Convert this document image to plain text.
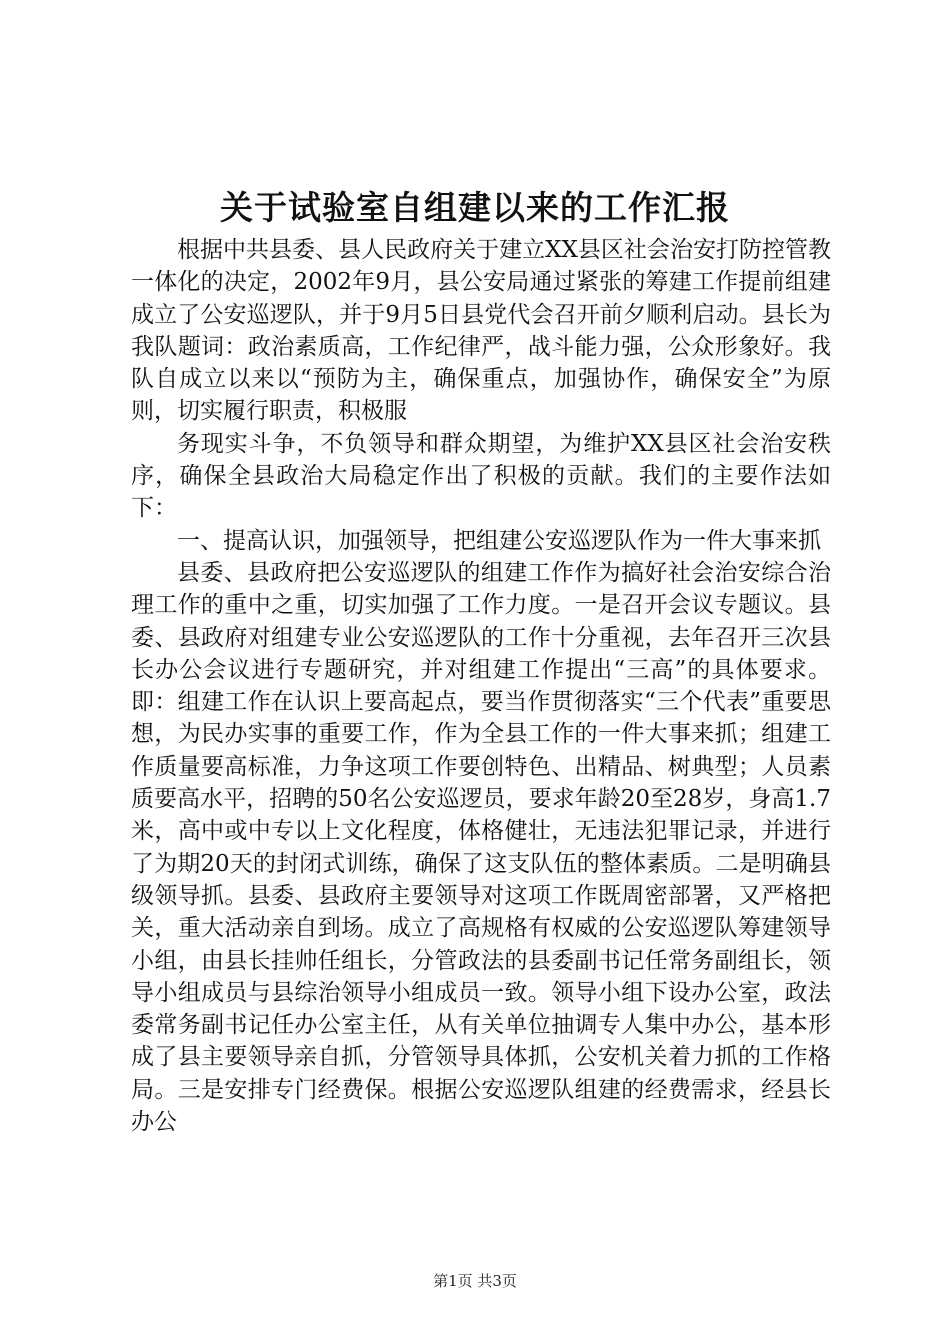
关于试验室自组建以来的工作汇报

根据中共县委、县人民政府关于建立XX县区社会治安打防控管教一体化的决定，2002年9月，县公安局通过紧张的筹建工作提前组建成立了公安巡逻队，并于9月5日县党代会召开前夕顺利启动。县长为我队题词：政治素质高，工作纪律严，战斗能力强，公众形象好。我队自成立以来以“预防为主，确保重点，加强协作，确保安全”为原则，切实履行职责，积极服

务现实斗争，不负领导和群众期望，为维护XX县区社会治安秩序，确保全县政治大局稳定作出了积极的贡献。我们的主要作法如下：

一、提高认识，加强领导，把组建公安巡逻队作为一件大事来抓

县委、县政府把公安巡逻队的组建工作作为搞好社会治安综合治理工作的重中之重，切实加强了工作力度。一是召开会议专题议。县委、县政府对组建专业公安巡逻队的工作十分重视，去年召开三次县长办公会议进行专题研究，并对组建工作提出“三高”的具体要求。即：组建工作在认识上要高起点，要当作贯彻落实“三个代表”重要思想，为民办实事的重要工作，作为全县工作的一件大事来抓；组建工作质量要高标准，力争这项工作要创特色、出精品、树典型；人员素质要高水平，招聘的50名公安巡逻员，要求年龄20至28岁，身高1.7米，高中或中专以上文化程度，体格健壮，无违法犯罪记录，并进行了为期20天的封闭式训练，确保了这支队伍的整体素质。二是明确县级领导抓。县委、县政府主要领导对这项工作既周密部署，又严格把关，重大活动亲自到场。成立了高规格有权威的公安巡逻队筹建领导小组，由县长挂帅任组长，分管政法的县委副书记任常务副组长，领导小组成员与县综治领导小组成员一致。领导小组下设办公室，政法委常务副书记任办公室主任，从有关单位抽调专人集中办公，基本形成了县主要领导亲自抓，分管领导具体抓，公安机关着力抓的工作格局。三是安排专门经费保。根据公安巡逻队组建的经费需求，经县长办公

第1页 共3页
